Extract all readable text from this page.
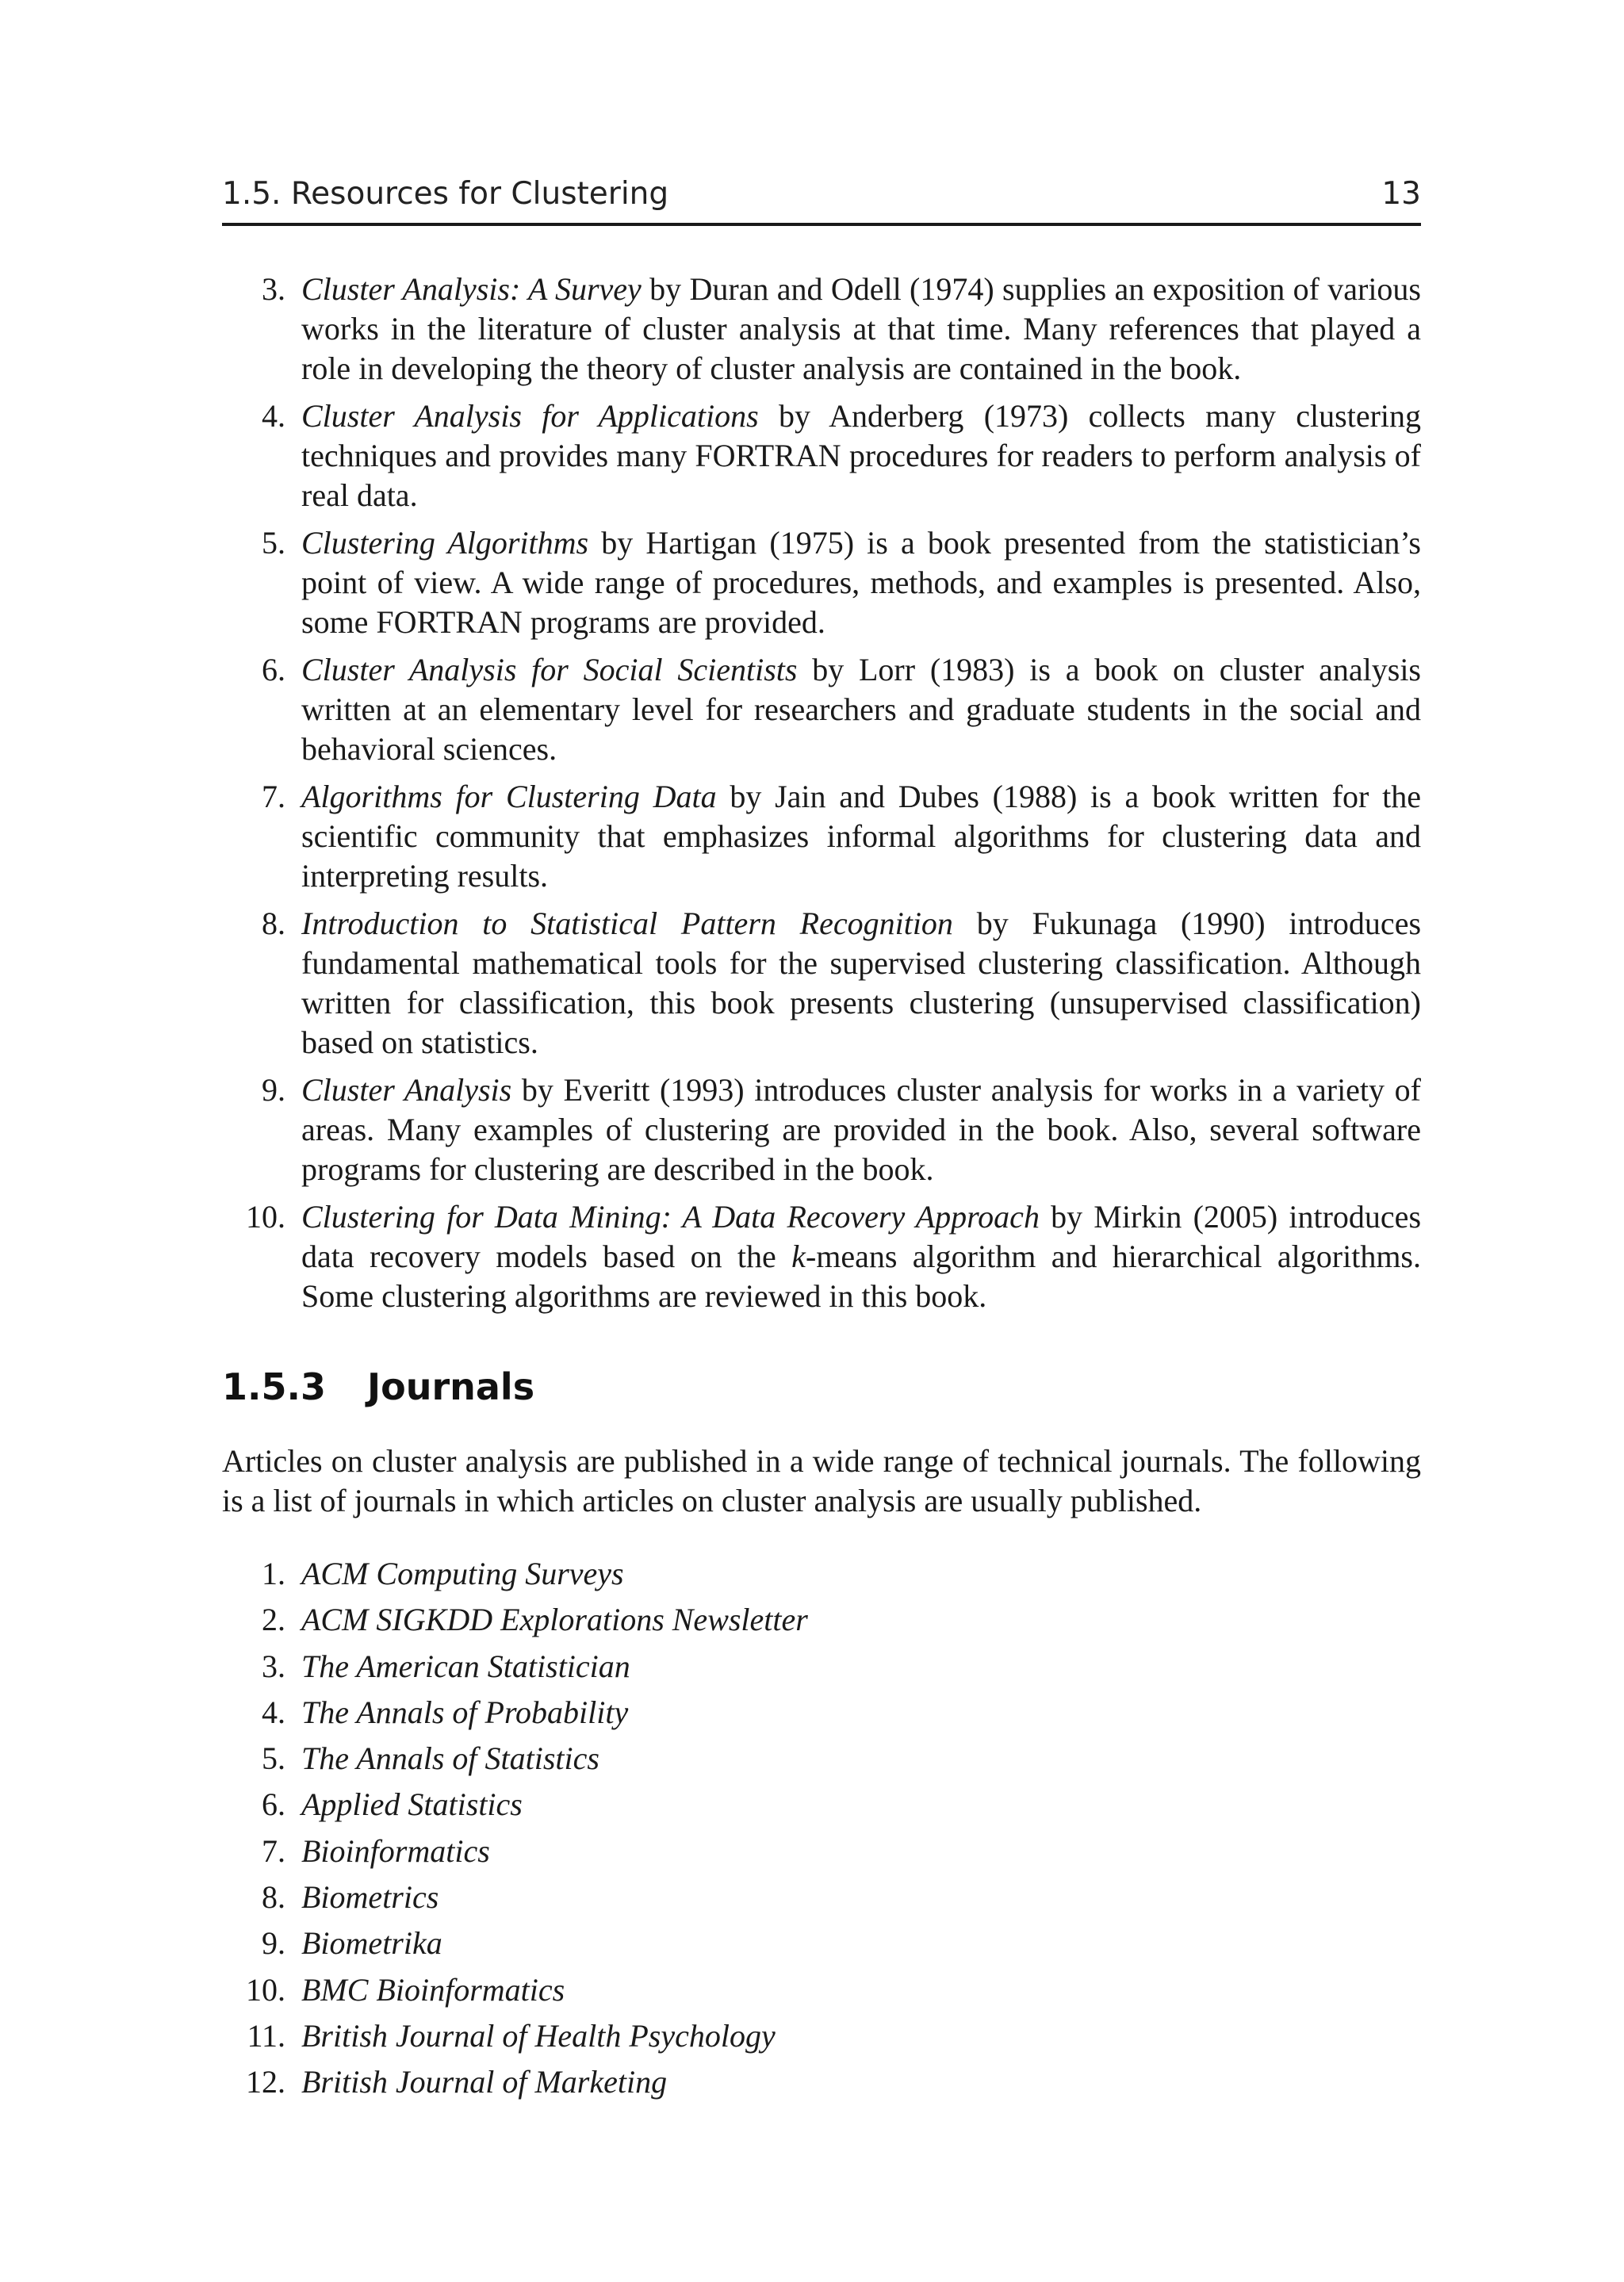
1.5. Resources for Clustering	13
3. Cluster Analysis: A Survey by Duran and Odell (1974) supplies an exposition of various works in the literature of cluster analysis at that time. Many references that played a role in developing the theory of cluster analysis are contained in the book.
4. Cluster Analysis for Applications by Anderberg (1973) collects many clustering techniques and provides many FORTRAN procedures for readers to perform analysis of real data.
5. Clustering Algorithms by Hartigan (1975) is a book presented from the statistician’s point of view. A wide range of procedures, methods, and examples is presented. Also, some FORTRAN programs are provided.
6. Cluster Analysis for Social Scientists by Lorr (1983) is a book on cluster analysis written at an elementary level for researchers and graduate students in the social and behavioral sciences.
7. Algorithms for Clustering Data by Jain and Dubes (1988) is a book written for the scientific community that emphasizes informal algorithms for clustering data and interpreting results.
8. Introduction to Statistical Pattern Recognition by Fukunaga (1990) introduces fundamental mathematical tools for the supervised clustering classification. Although written for classification, this book presents clustering (unsupervised classification) based on statistics.
9. Cluster Analysis by Everitt (1993) introduces cluster analysis for works in a variety of areas. Many examples of clustering are provided in the book. Also, several software programs for clustering are described in the book.
10. Clustering for Data Mining: A Data Recovery Approach by Mirkin (2005) introduces data recovery models based on the k-means algorithm and hierarchical algorithms. Some clustering algorithms are reviewed in this book.
1.5.3 Journals

Articles on cluster analysis are published in a wide range of technical journals. The following is a list of journals in which articles on cluster analysis are usually published.

1. ACM Computing Surveys
2. ACM SIGKDD Explorations Newsletter
3. The American Statistician
4. The Annals of Probability
5. The Annals of Statistics
6. Applied Statistics
7. Bioinformatics
8. Biometrics
9. Biometrika
10. BMC Bioinformatics
11. British Journal of Health Psychology
12. British Journal of Marketing
